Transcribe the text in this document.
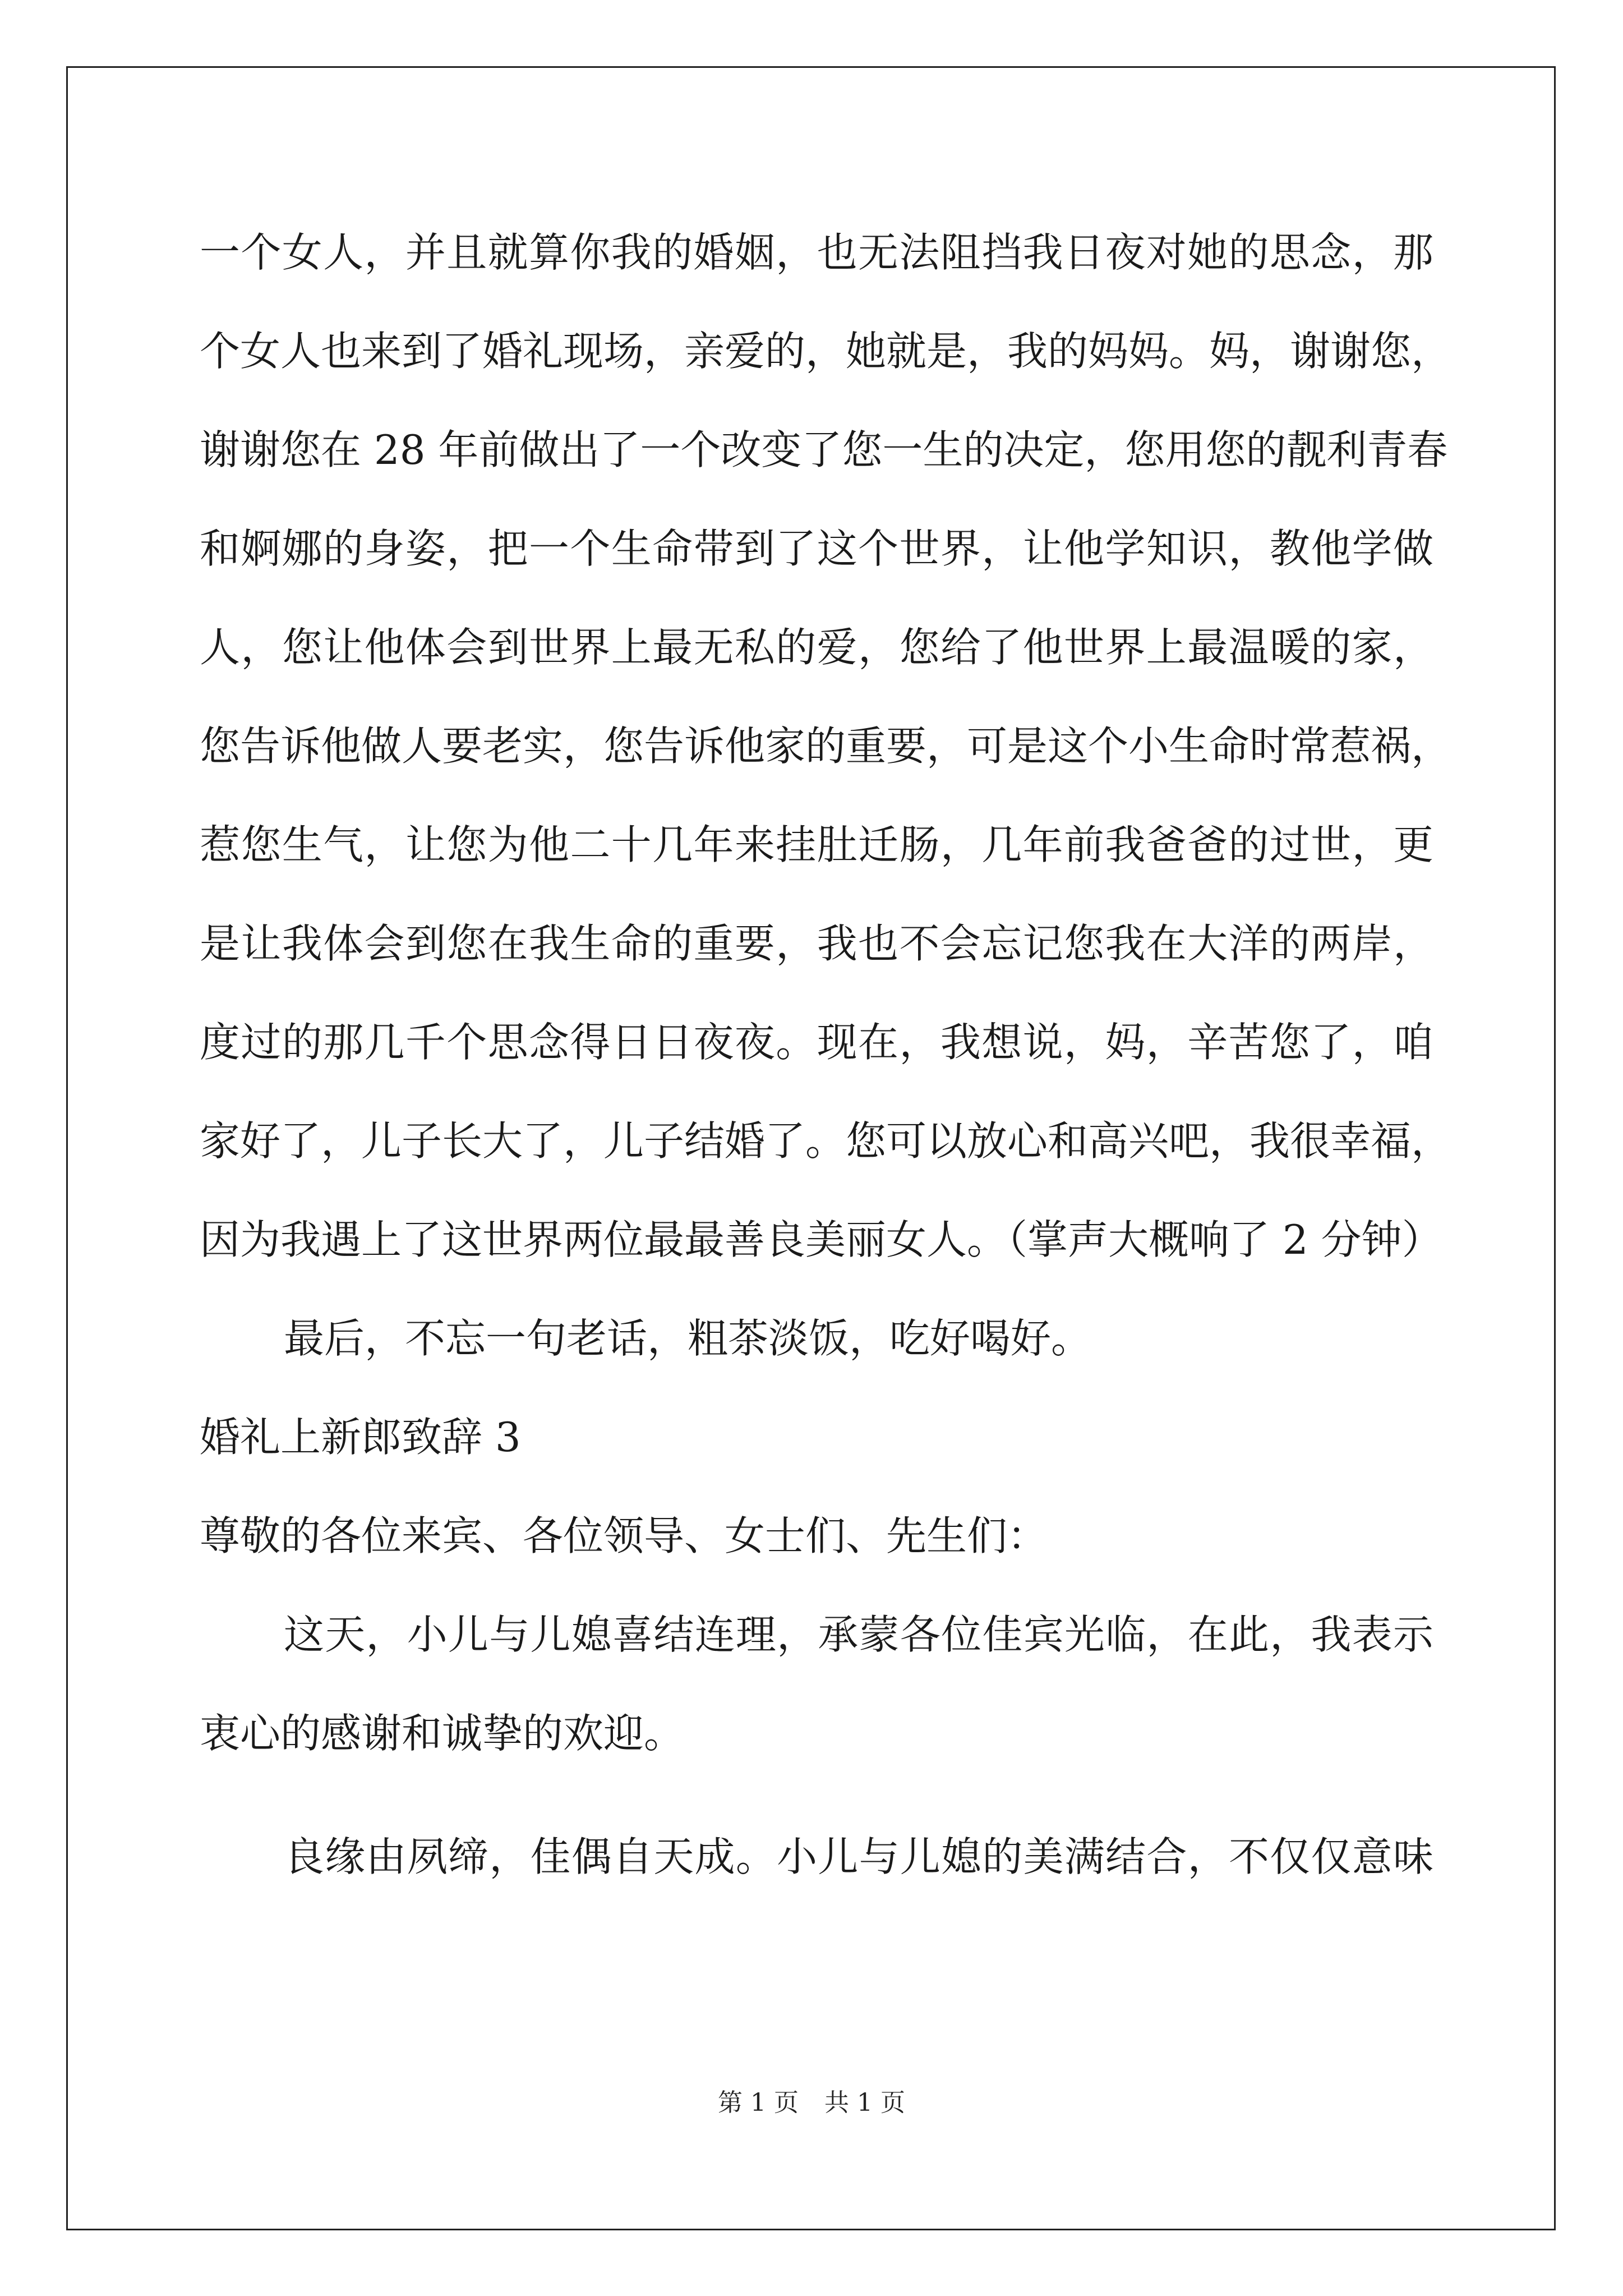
一个女人，并且就算你我的婚姻，也无法阻挡我日夜对她的思念，那
个女人也来到了婚礼现场，亲爱的，她就是，我的妈妈。妈，谢谢您，
谢谢您在 28 年前做出了一个改变了您一生的决定，您用您的靓利青春
和婀娜的身姿，把一个生命带到了这个世界，让他学知识，教他学做
人，您让他体会到世界上最无私的爱，您给了他世界上最温暖的家，
您告诉他做人要老实，您告诉他家的重要，可是这个小生命时常惹祸，
惹您生气，让您为他二十几年来挂肚迁肠，几年前我爸爸的过世，更
是让我体会到您在我生命的重要，我也不会忘记您我在大洋的两岸，
度过的那几千个思念得日日夜夜。现在，我想说，妈，辛苦您了，咱
家好了，儿子长大了，儿子结婚了。您可以放心和高兴吧，我很幸福，
因为我遇上了这世界两位最最善良美丽女人。（掌声大概响了 2 分钟）
最后，不忘一句老话，粗茶淡饭，吃好喝好。
婚礼上新郎致辞 3
尊敬的各位来宾、各位领导、女士们、先生们：
这天，小儿与儿媳喜结连理，承蒙各位佳宾光临，在此，我表示
衷心的感谢和诚挚的欢迎。
良缘由夙缔，佳偶自天成。小儿与儿媳的美满结合，不仅仅意味
第 1 页 共 1 页
